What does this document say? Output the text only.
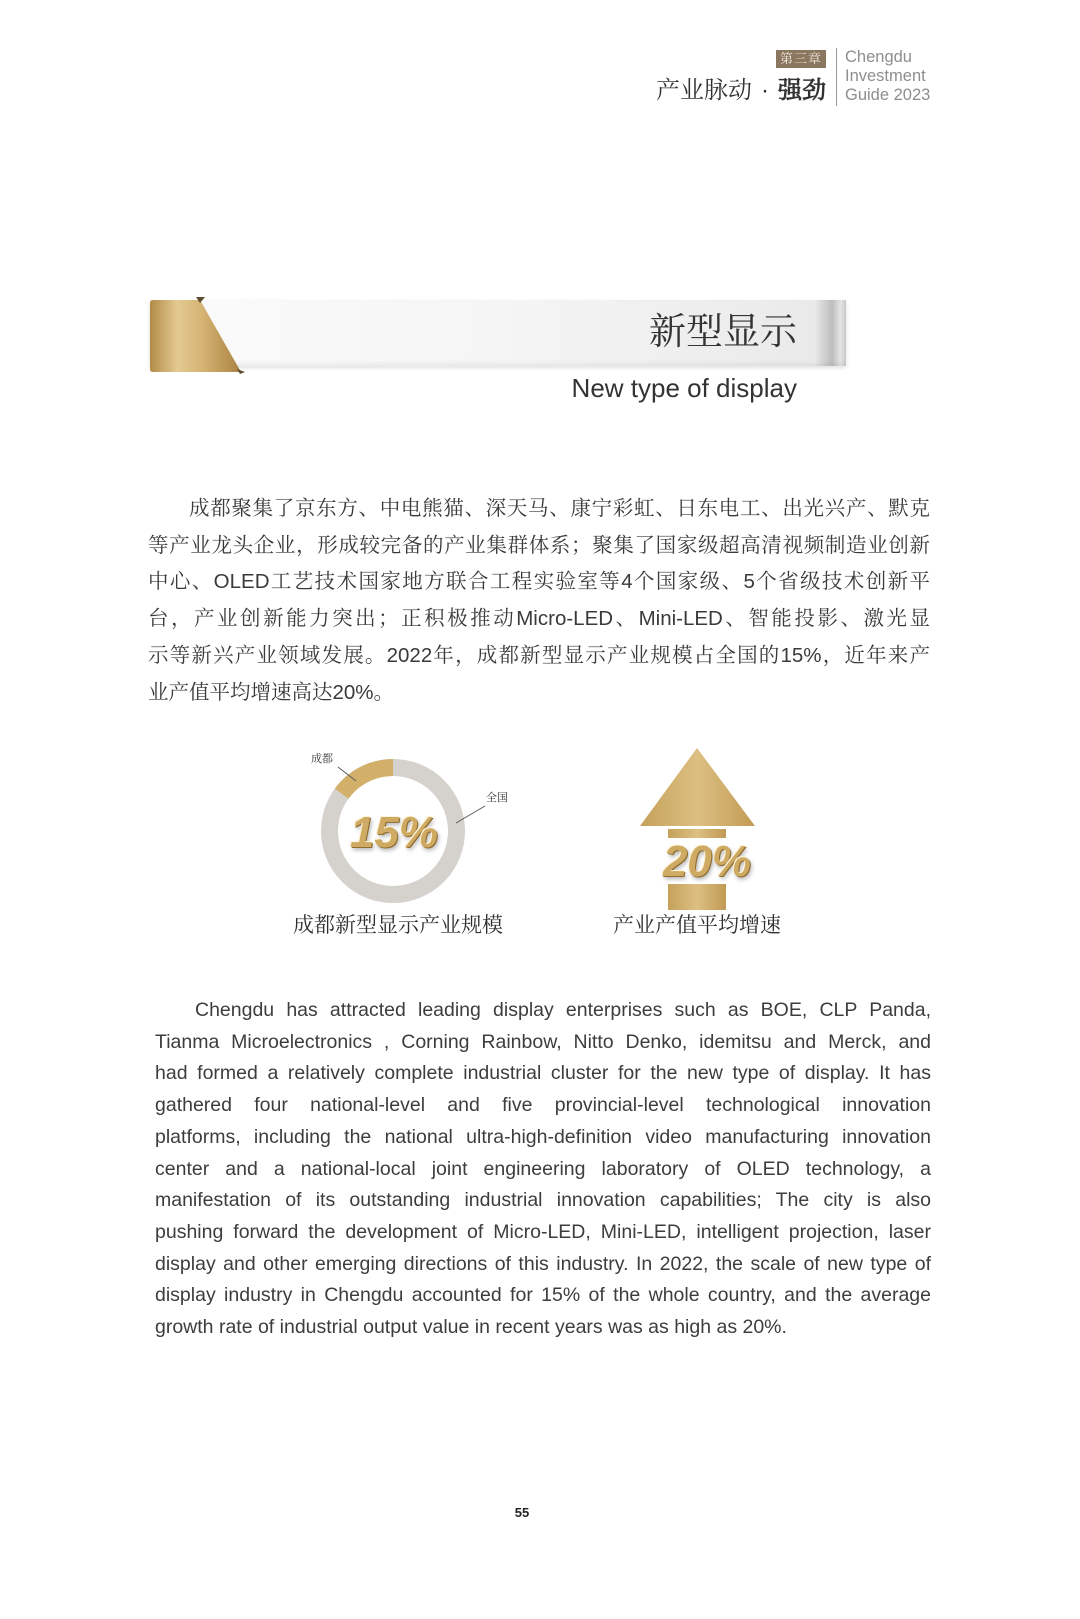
第三章
产业脉动 · 强劲
Chengdu
Investment
Guide 2023
新型显示
New type of display
成都聚集了京东方、中电熊猫、深天马、康宁彩虹、日东电工、出光兴产、默克
等产业龙头企业，形成较完备的产业集群体系；聚集了国家级超高清视频制造业创新
中心、OLED工艺技术国家地方联合工程实验室等4个国家级、5个省级技术创新平
台，产业创新能力突出；正积极推动Micro-LED、Mini-LED、智能投影、激光显
示等新兴产业领域发展。2022年，成都新型显示产业规模占全国的15%，近年来产
业产值平均增速高达20%。
成都
全国
15%
成都新型显示产业规模
20%
产业产值平均增速
Chengdu has attracted leading display enterprises such as BOE, CLP Panda,
Tianma Microelectronics , Corning Rainbow, Nitto Denko, idemitsu and Merck, and
had formed a relatively complete industrial cluster for the new type of display. It has
gathered four national-level and five provincial-level technological innovation
platforms, including the national ultra-high-definition video manufacturing innovation
center and a national-local joint engineering laboratory of OLED technology, a
manifestation of its outstanding industrial innovation capabilities; The city is also
pushing forward the development of Micro-LED, Mini-LED, intelligent projection, laser
display and other emerging directions of this industry. In 2022, the scale of new type of
display industry in Chengdu accounted for 15% of the whole country, and the average
growth rate of industrial output value in recent years was as high as 20%.
55
